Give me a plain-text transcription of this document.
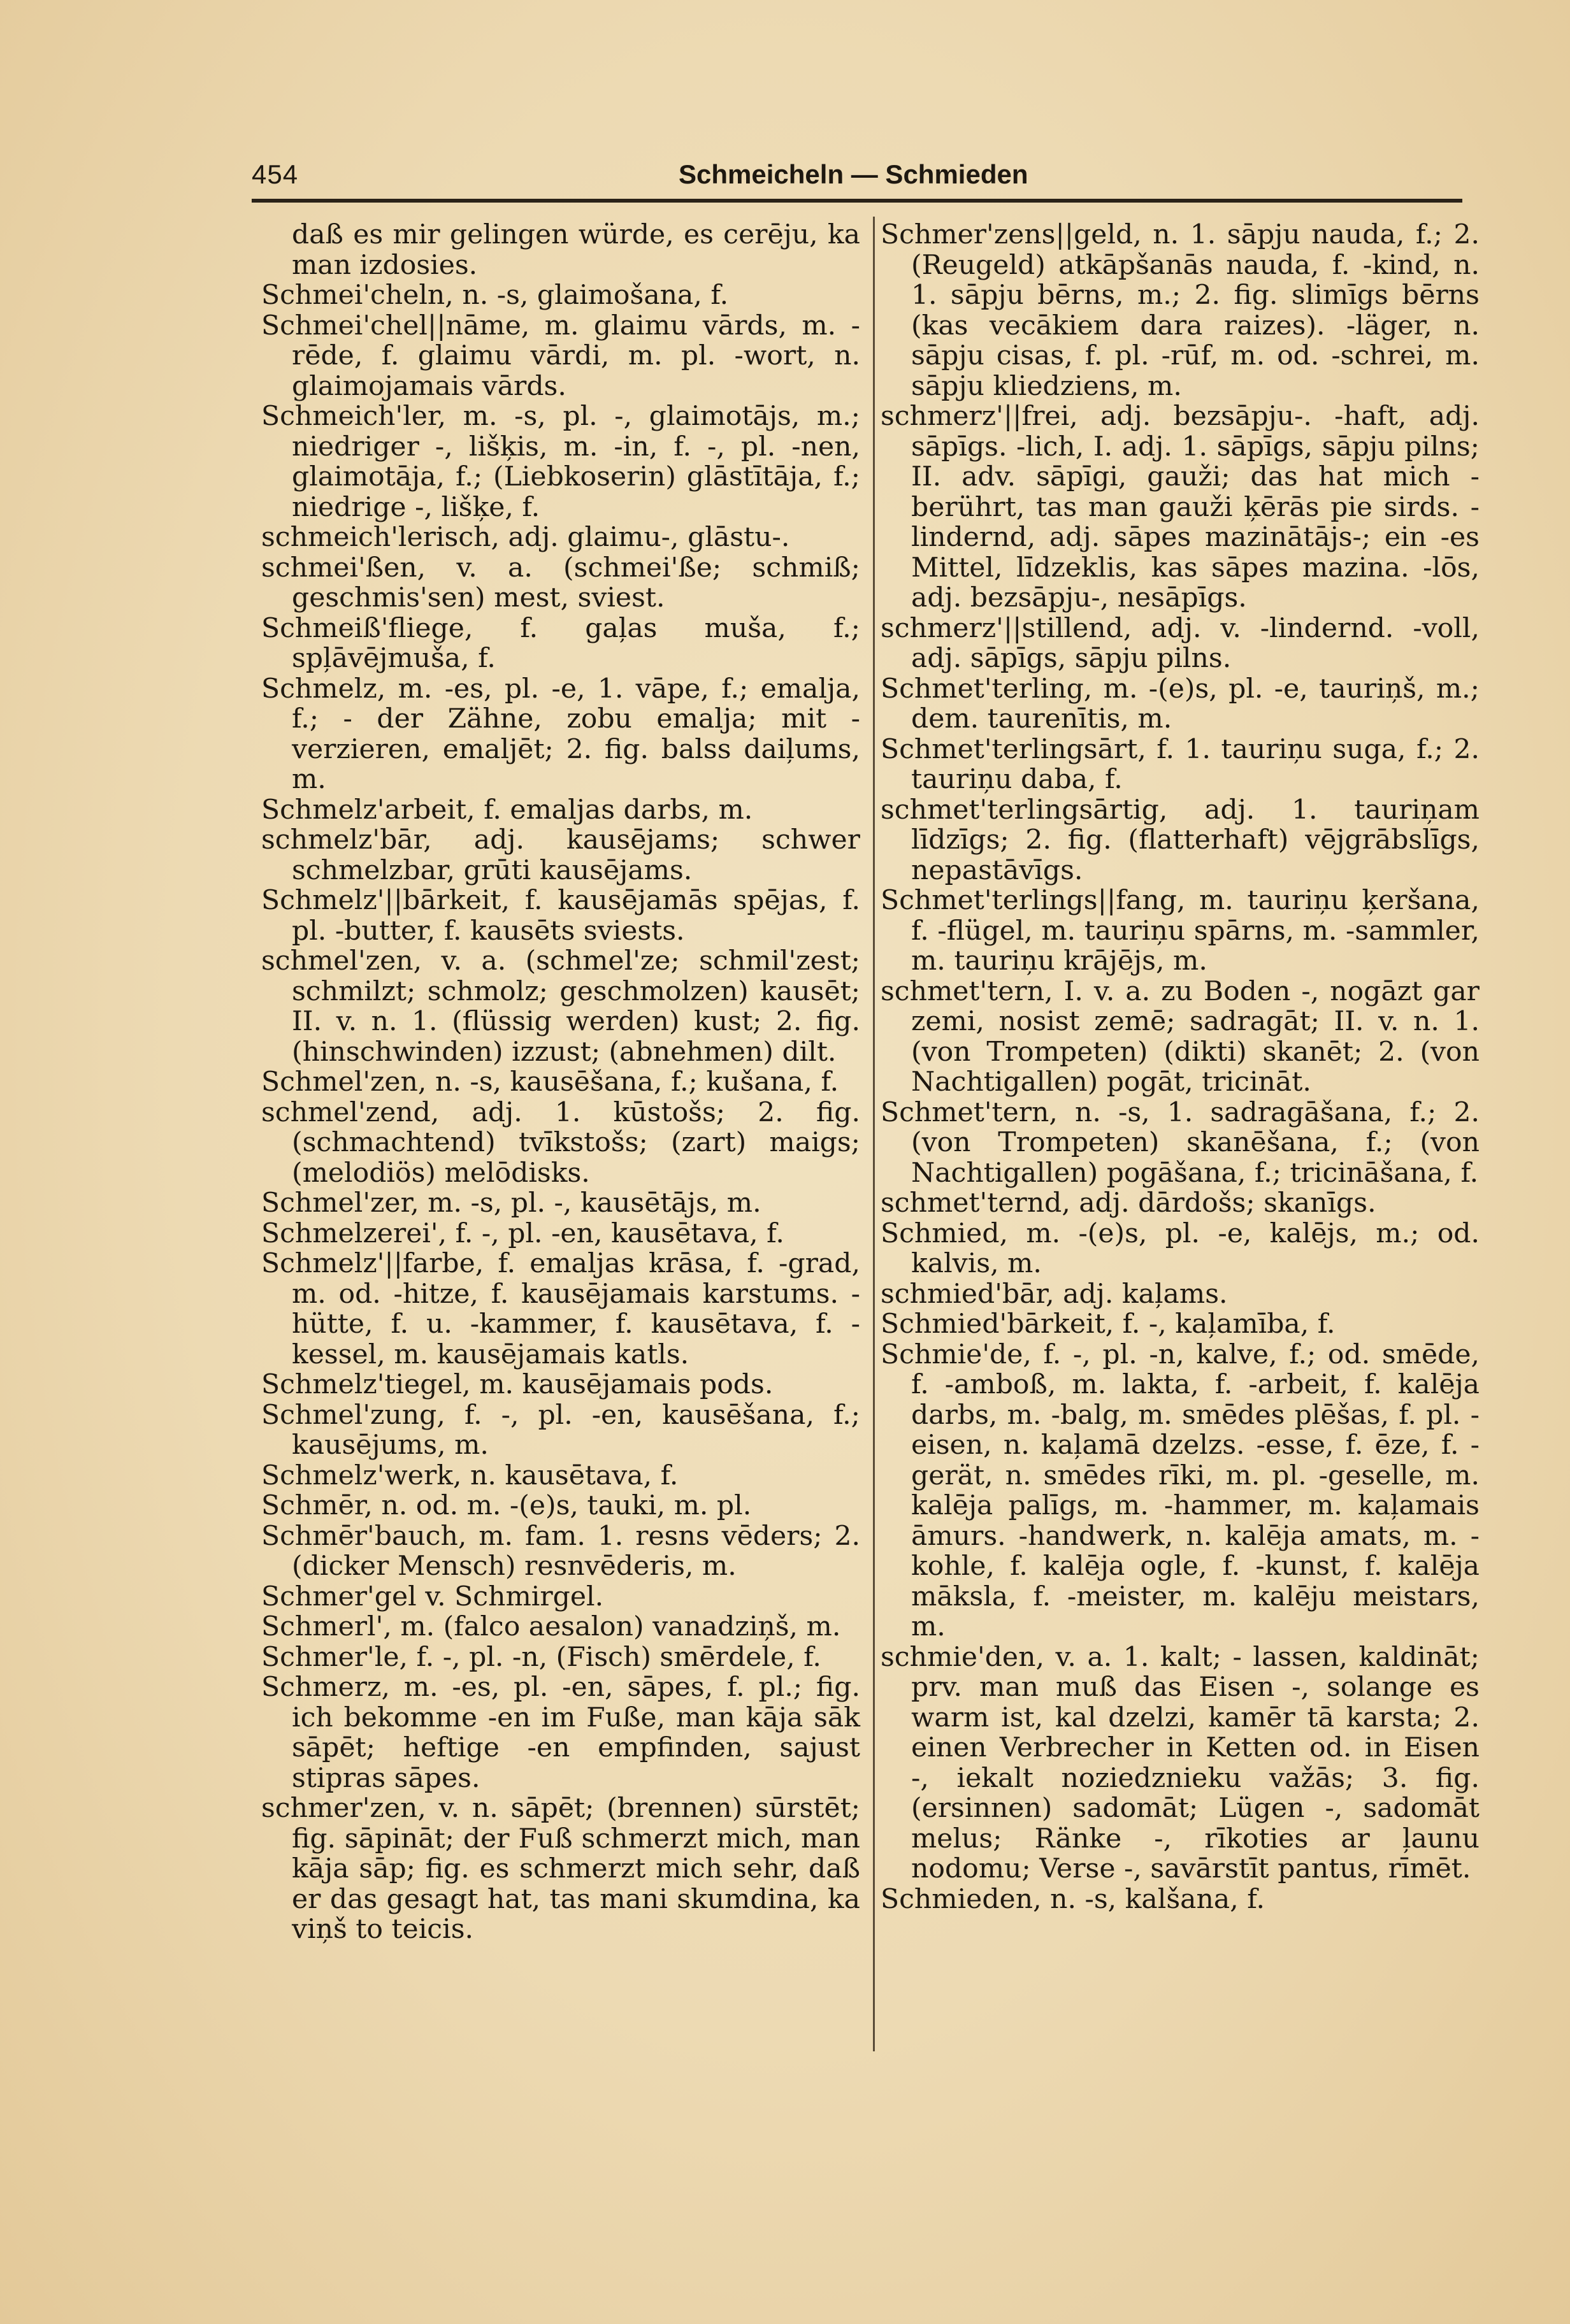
454	Schmeicheln — Schmieden

daß es mir gelingen würde, es cerēju, ka man izdosies.

Schmei'cheln, n. -s, glaimošana, f.

Schmei'chel||nāme, m. glaimu vārds, m. -rēde, f. glaimu vārdi, m. pl. -wort, n. glaimojamais vārds.

Schmeich'ler, m. -s, pl. -, glaimotājs, m.; niedriger -, lišķis, m. -in, f. -, pl. -nen, glaimotāja, f.; (Liebkoserin) glāstītāja, f.; niedrige -, lišķe, f.

schmeich'lerisch, adj. glaimu-, glāstu-.

schmei'ßen, v. a. (schmei'ße; schmiß; geschmis'sen) mest, sviest.

Schmeiß'fliege, f. gaļas muša, f.; spļāvējmuša, f.

Schmelz, m. -es, pl. -e, 1. vāpe, f.; emalja, f.; - der Zähne, zobu emalja; mit - verzieren, emaljēt; 2. fig. balss daiļums, m.

Schmelz'arbeit, f. emaljas darbs, m.

schmelz'bār, adj. kausējams; schwer schmelzbar, grūti kausējams.

Schmelz'||bārkeit, f. kausējamās spējas, f. pl. -butter, f. kausēts sviests.

schmel'zen, v. a. (schmel'ze; schmil'zest; schmilzt; schmolz; geschmolzen) kausēt; II. v. n. 1. (flüssig werden) kust; 2. fig. (hinschwinden) izzust; (abnehmen) dilt.

Schmel'zen, n. -s, kausēšana, f.; kušana, f.

schmel'zend, adj. 1. kūstošs; 2. fig. (schmachtend) tvīkstošs; (zart) maigs; (melodiös) melōdisks.

Schmel'zer, m. -s, pl. -, kausētājs, m.

Schmelzerei', f. -, pl. -en, kausētava, f.

Schmelz'||farbe, f. emaljas krāsa, f. -grad, m. od. -hitze, f. kausējamais karstums. -hütte, f. u. -kammer, f. kausētava, f. -kessel, m. kausējamais katls.

Schmelz'tiegel, m. kausējamais pods.

Schmel'zung, f. -, pl. -en, kausēšana, f.; kausējums, m.

Schmelz'werk, n. kausētava, f.

Schmēr, n. od. m. -(e)s, tauki, m. pl.

Schmēr'bauch, m. fam. 1. resns vēders; 2. (dicker Mensch) resnvēderis, m.

Schmer'gel v. Schmirgel.

Schmerl', m. (falco aesalon) vanadziņš, m.

Schmer'le, f. -, pl. -n, (Fisch) smērdele, f.

Schmerz, m. -es, pl. -en, sāpes, f. pl.; fig. ich bekomme -en im Fuße, man kāja sāk sāpēt; heftige -en empfinden, sajust stipras sāpes.

schmer'zen, v. n. sāpēt; (brennen) sūrstēt; fig. sāpināt; der Fuß schmerzt mich, man kāja sāp; fig. es schmerzt mich sehr, daß er das gesagt hat, tas mani skumdina, ka viņš to teicis.

Schmer'zens||geld, n. 1. sāpju nauda, f.; 2. (Reugeld) atkāpšanās nauda, f. -kind, n. 1. sāpju bērns, m.; 2. fig. slimīgs bērns (kas vecākiem dara raizes). -läger, n. sāpju cisas, f. pl. -rūf, m. od. -schrei, m. sāpju kliedziens, m.

schmerz'||frei, adj. bezsāpju-. -haft, adj. sāpīgs. -lich, I. adj. 1. sāpīgs, sāpju pilns; II. adv. sāpīgi, gauži; das hat mich - berührt, tas man gauži ķērās pie sirds. -lindernd, adj. sāpes mazinātājs-; ein -es Mittel, līdzeklis, kas sāpes mazina. -lōs, adj. bezsāpju-, nesāpīgs.

schmerz'||stillend, adj. v. -lindernd. -voll, adj. sāpīgs, sāpju pilns.

Schmet'terling, m. -(e)s, pl. -e, tauriņš, m.; dem. taurenītis, m.

Schmet'terlingsārt, f. 1. tauriņu suga, f.; 2. tauriņu daba, f.

schmet'terlingsārtig, adj. 1. tauriņam līdzīgs; 2. fig. (flatterhaft) vējgrābslīgs, nepastāvīgs.

Schmet'terlings||fang, m. tauriņu ķeršana, f. -flügel, m. tauriņu spārns, m. -sammler, m. tauriņu krājējs, m.

schmet'tern, I. v. a. zu Boden -, nogāzt gar zemi, nosist zemē; sadragāt; II. v. n. 1. (von Trompeten) (dikti) skanēt; 2. (von Nachtigallen) pogāt, tricināt.

Schmet'tern, n. -s, 1. sadragāšana, f.; 2. (von Trompeten) skanēšana, f.; (von Nachtigallen) pogāšana, f.; tricināšana, f.

schmet'ternd, adj. dārdošs; skanīgs.

Schmied, m. -(e)s, pl. -e, kalējs, m.; od. kalvis, m.

schmied'bār, adj. kaļams.

Schmied'bārkeit, f. -, kaļamība, f.

Schmie'de, f. -, pl. -n, kalve, f.; od. smēde, f. -amboß, m. lakta, f. -arbeit, f. kalēja darbs, m. -balg, m. smēdes plēšas, f. pl. -eisen, n. kaļamā dzelzs. -esse, f. ēze, f. -gerät, n. smēdes rīki, m. pl. -geselle, m. kalēja palīgs, m. -hammer, m. kaļamais āmurs. -handwerk, n. kalēja amats, m. -kohle, f. kalēja ogle, f. -kunst, f. kalēja māksla, f. -meister, m. kalēju meistars, m.

schmie'den, v. a. 1. kalt; - lassen, kaldināt; prv. man muß das Eisen -, solange es warm ist, kal dzelzi, kamēr tā karsta; 2. einen Verbrecher in Ketten od. in Eisen -, iekalt noziedznieku važās; 3. fig. (ersinnen) sadomāt; Lügen -, sadomāt melus; Ränke -, rīkoties ar ļaunu nodomu; Verse -, savārstīt pantus, rīmēt.

Schmieden, n. -s, kalšana, f.
